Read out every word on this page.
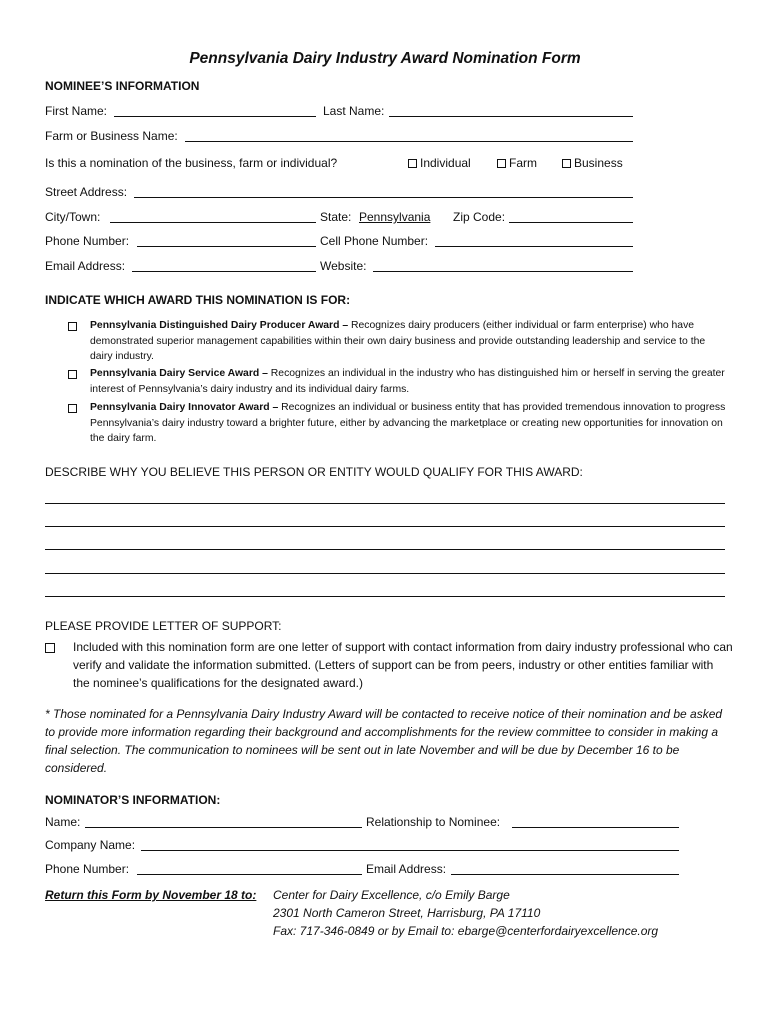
Pennsylvania Dairy Industry Award Nomination Form
NOMINEE’S INFORMATION
First Name:	Last Name:
Farm or Business Name:
Is this a nomination of the business, farm or individual?	Individual	Farm	Business
Street Address:
City/Town:	State: Pennsylvania Zip Code:
Phone Number:	Cell Phone Number:
Email Address:	Website:
INDICATE WHICH AWARD THIS NOMINATION IS FOR:
Pennsylvania Distinguished Dairy Producer Award – Recognizes dairy producers (either individual or farm enterprise) who have demonstrated superior management capabilities within their own dairy business and provide outstanding leadership and service to the dairy industry.
Pennsylvania Dairy Service Award – Recognizes an individual in the industry who has distinguished him or herself in serving the greater interest of Pennsylvania’s dairy industry and its individual dairy farms.
Pennsylvania Dairy Innovator Award – Recognizes an individual or business entity that has provided tremendous innovation to progress Pennsylvania’s dairy industry toward a brighter future, either by advancing the marketplace or creating new opportunities for innovation on the dairy farm.
DESCRIBE WHY YOU BELIEVE THIS PERSON OR ENTITY WOULD QUALIFY FOR THIS AWARD:
PLEASE PROVIDE LETTER OF SUPPORT:
Included with this nomination form are one letter of support with contact information from dairy industry professional who can verify and validate the information submitted. (Letters of support can be from peers, industry or other entities familiar with the nominee’s qualifications for the designated award.)
* Those nominated for a Pennsylvania Dairy Industry Award will be contacted to receive notice of their nomination and be asked to provide more information regarding their background and accomplishments for the review committee to consider in making a final selection. The communication to nominees will be sent out in late November and will be due by December 16 to be considered.
NOMINATOR’S INFORMATION:
Name:	Relationship to Nominee:
Company Name:
Phone Number:	Email Address:
Return this Form by November 18 to: Center for Dairy Excellence, c/o Emily Barge
2301 North Cameron Street, Harrisburg, PA 17110
Fax: 717-346-0849 or by Email to: ebarge@centerfordairyexcellence.org
